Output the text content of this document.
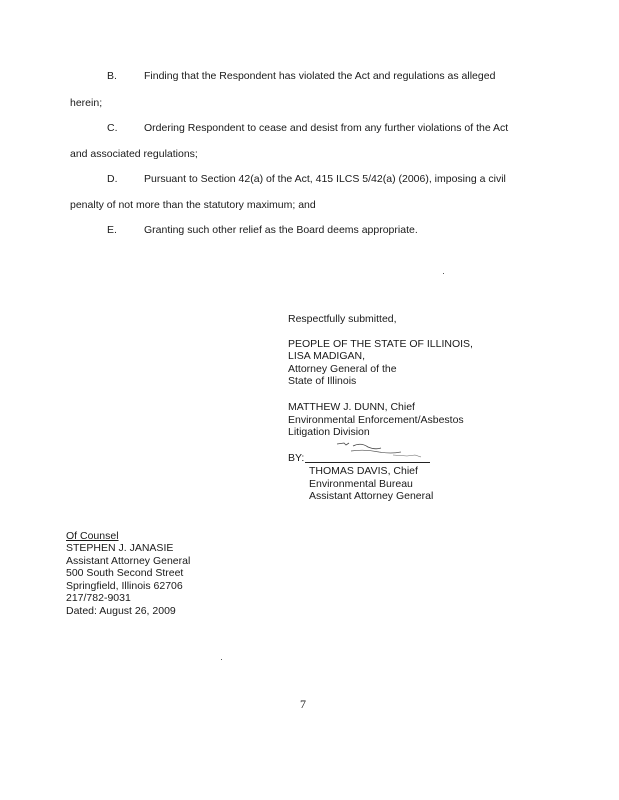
B.	Finding that the Respondent has violated the Act and regulations as alleged
herein;
C.	Ordering Respondent to cease and desist from any further violations of the Act
and associated regulations;
D.	Pursuant to Section 42(a) of the Act, 415 ILCS 5/42(a) (2006), imposing a civil
penalty of not more than the statutory maximum; and
E.	Granting such other relief as the Board deems appropriate.
Respectfully submitted,
PEOPLE OF THE STATE OF ILLINOIS,
LISA MADIGAN,
Attorney General of the
State of Illinois
MATTHEW J. DUNN, Chief
Environmental Enforcement/Asbestos
Litigation Division
BY:
THOMAS DAVIS, Chief
Environmental Bureau
Assistant Attorney General
Of Counsel
STEPHEN J. JANASIE
Assistant Attorney General
500 South Second Street
Springfield, Illinois 62706
217/782-9031
Dated: August 26, 2009
7
